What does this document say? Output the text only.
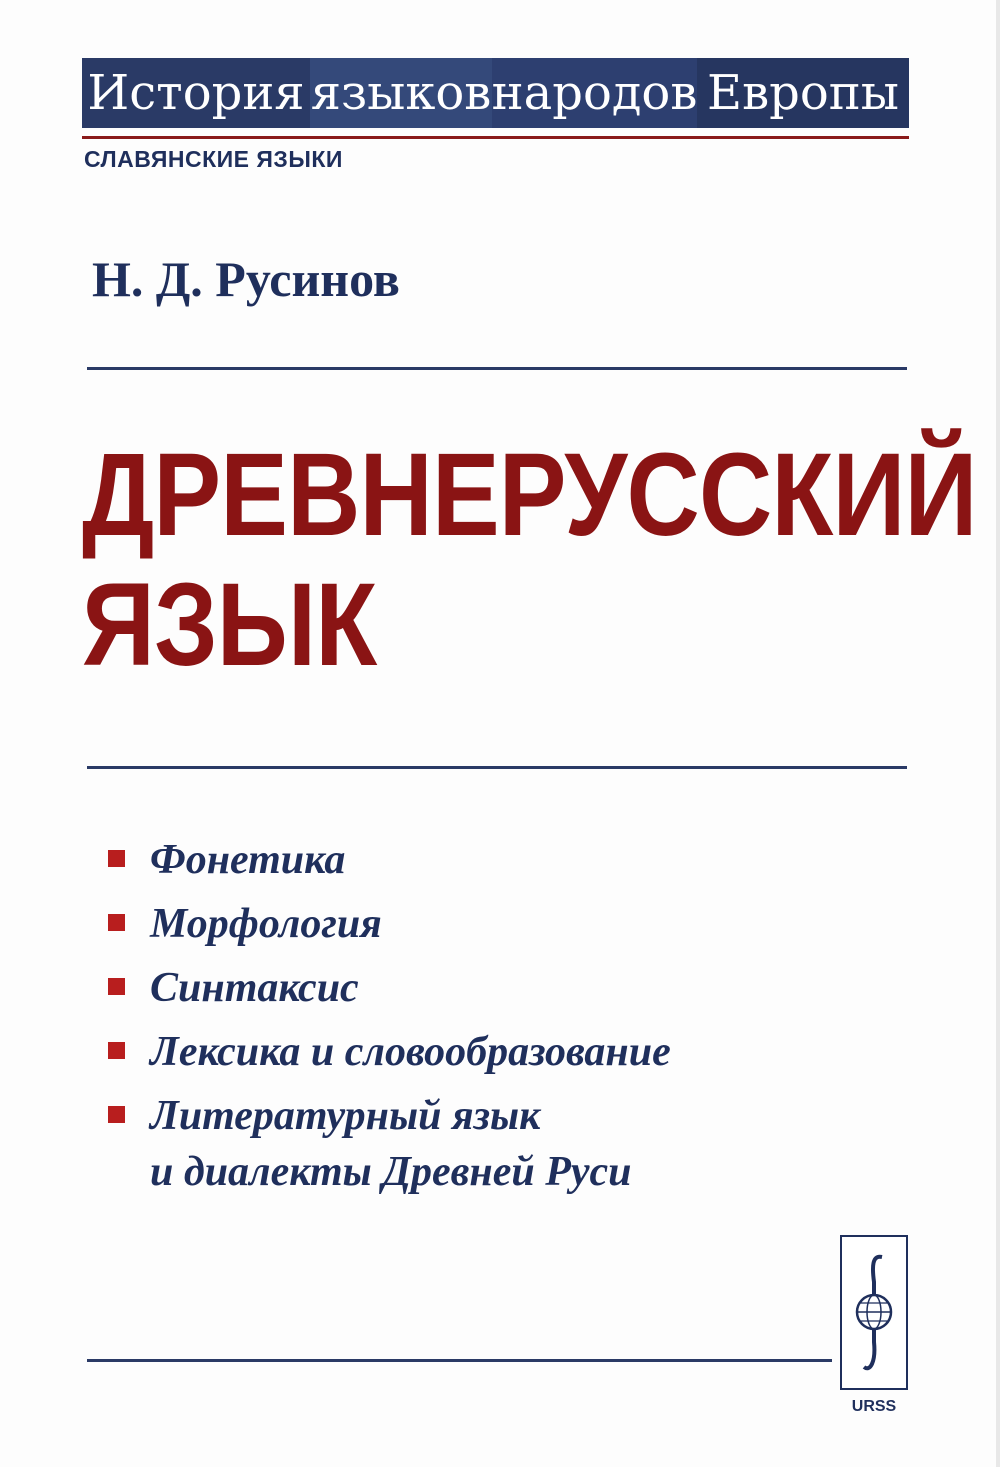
История языков народов Европы
СЛАВЯНСКИЕ ЯЗЫКИ
Н. Д. Русинов
ДРЕВНЕРУССКИЙ
ЯЗЫК
Фонетика
Морфология
Синтаксис
Лексика и словообразование
Литературный язык
и диалекты Древней Руси
URSS
